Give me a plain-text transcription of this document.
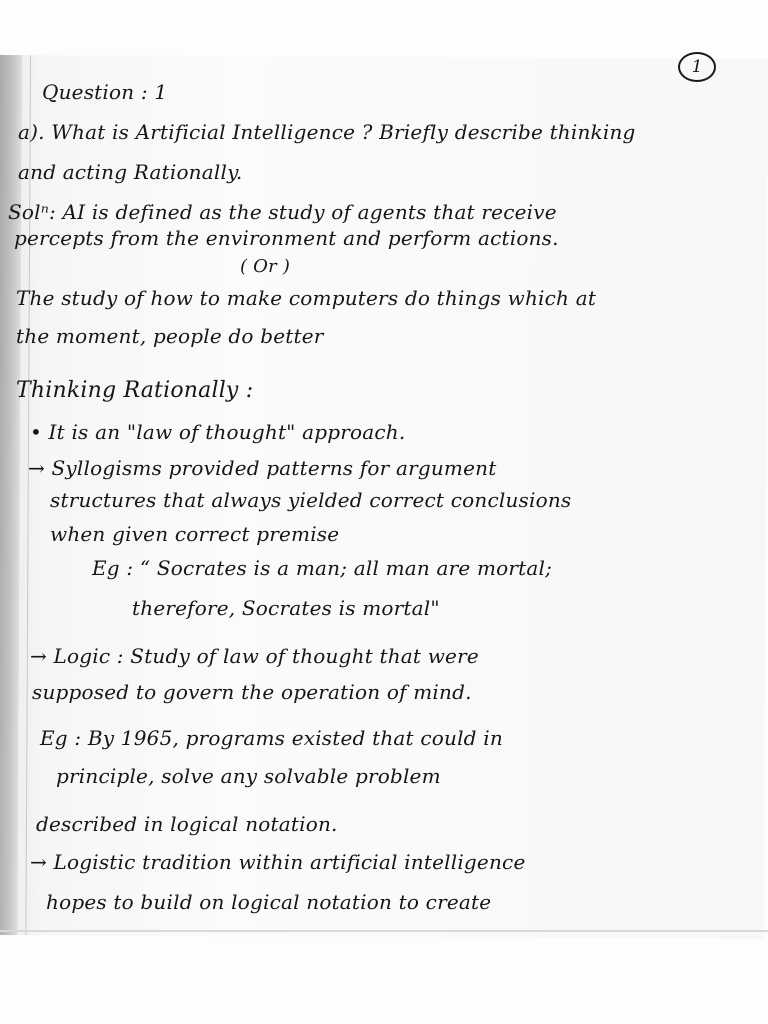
1
Question : 1
a). What is Artificial Intelligence ? Briefly describe thinking
and acting Rationally.
Solⁿ: AI is defined as the study of agents that receive
percepts from the environment and perform actions.
( Or )
The study of how to make computers do things which at
the moment, people do better
Thinking Rationally :
• It is an "law of thought" approach.
→ Syllogisms provided patterns for argument
structures that always yielded correct conclusions
when given correct premise
Eg : “ Socrates is a man; all man are mortal;
therefore, Socrates is mortal"
→ Logic : Study of law of thought that were
supposed to govern the operation of mind.
Eg : By 1965, programs existed that could in
principle, solve any solvable problem
described in logical notation.
→ Logistic tradition within artificial intelligence
hopes to build on logical notation to create
